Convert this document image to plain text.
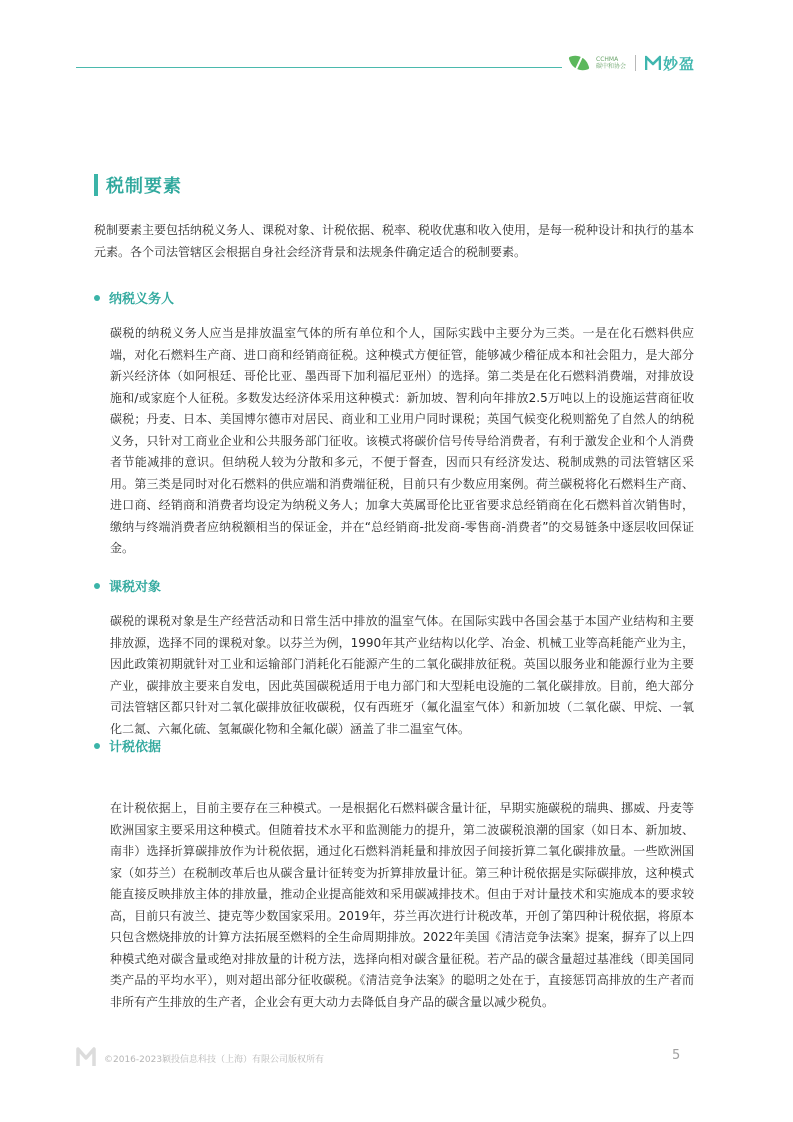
CCHMA 碳中和协会 妙盈
税制要素

税制要素主要包括纳税义务人、课税对象、计税依据、税率、税收优惠和收入使用，是每一税种设计和执行的基本元素。各个司法管辖区会根据自身社会经济背景和法规条件确定适合的税制要素。

纳税义务人

碳税的纳税义务人应当是排放温室气体的所有单位和个人，国际实践中主要分为三类。一是在化石燃料供应端，对化石燃料生产商、进口商和经销商征税。这种模式方便征管，能够减少稽征成本和社会阻力，是大部分新兴经济体（如阿根廷、哥伦比亚、墨西哥下加利福尼亚州）的选择。第二类是在化石燃料消费端，对排放设施和/或家庭个人征税。多数发达经济体采用这种模式：新加坡、智利向年排放2.5万吨以上的设施运营商征收碳税；丹麦、日本、美国博尔德市对居民、商业和工业用户同时课税；英国气候变化税则豁免了自然人的纳税义务，只针对工商业企业和公共服务部门征收。该模式将碳价信号传导给消费者，有利于激发企业和个人消费者节能减排的意识。但纳税人较为分散和多元，不便于督查，因而只有经济发达、税制成熟的司法管辖区采用。第三类是同时对化石燃料的供应端和消费端征税，目前只有少数应用案例。荷兰碳税将化石燃料生产商、进口商、经销商和消费者均设定为纳税义务人；加拿大英属哥伦比亚省要求总经销商在化石燃料首次销售时，缴纳与终端消费者应纳税额相当的保证金，并在“总经销商-批发商-零售商-消费者”的交易链条中逐层收回保证金。

课税对象

碳税的课税对象是生产经营活动和日常生活中排放的温室气体。在国际实践中各国会基于本国产业结构和主要排放源，选择不同的课税对象。以芬兰为例，1990年其产业结构以化学、冶金、机械工业等高耗能产业为主，因此政策初期就针对工业和运输部门消耗化石能源产生的二氧化碳排放征税。英国以服务业和能源行业为主要产业，碳排放主要来自发电，因此英国碳税适用于电力部门和大型耗电设施的二氧化碳排放。目前，绝大部分司法管辖区都只针对二氧化碳排放征收碳税，仅有西班牙（氟化温室气体）和新加坡（二氧化碳、甲烷、一氧化二氮、六氟化硫、氢氟碳化物和全氟化碳）涵盖了非二温室气体。

计税依据

在计税依据上，目前主要存在三种模式。一是根据化石燃料碳含量计征，早期实施碳税的瑞典、挪威、丹麦等欧洲国家主要采用这种模式。但随着技术水平和监测能力的提升，第二波碳税浪潮的国家（如日本、新加坡、南非）选择折算碳排放作为计税依据，通过化石燃料消耗量和排放因子间接折算二氧化碳排放量。一些欧洲国家（如芬兰）在税制改革后也从碳含量计征转变为折算排放量计征。第三种计税依据是实际碳排放，这种模式能直接反映排放主体的排放量，推动企业提高能效和采用碳减排技术。但由于对计量技术和实施成本的要求较高，目前只有波兰、捷克等少数国家采用。2019年，芬兰再次进行计税改革，开创了第四种计税依据，将原本只包含燃烧排放的计算方法拓展至燃料的全生命周期排放。2022年美国《清洁竞争法案》提案，摒弃了以上四种模式绝对碳含量或绝对排放量的计税方法，选择向相对碳含量征税。若产品的碳含量超过基准线（即美国同类产品的平均水平），则对超出部分征收碳税。《清洁竞争法案》的聪明之处在于，直接惩罚高排放的生产者而非所有产生排放的生产者，企业会有更大动力去降低自身产品的碳含量以减少税负。

©2016-2023颖投信息科技（上海）有限公司版权所有	5
